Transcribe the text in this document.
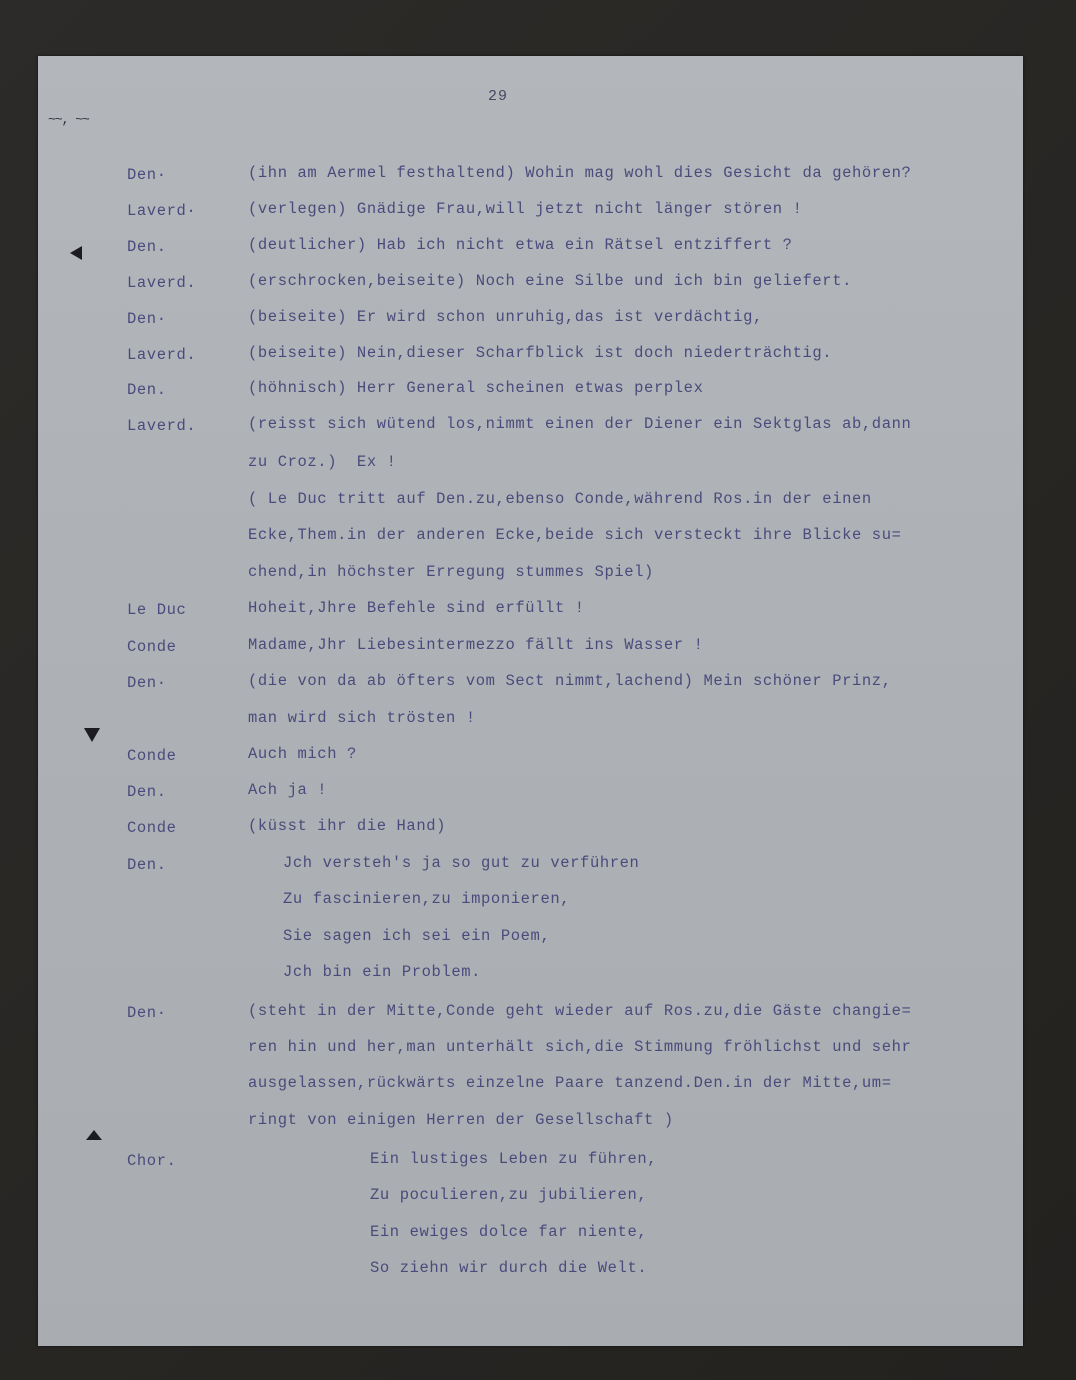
29
~~, ~~
Den·
Laverd·
Den.
Laverd.
Den·
Laverd.
Den.
Laverd.
Le Duc
Conde
Den·
Conde
Den.
Conde
Den.
Den·
Chor.
(ihn am Aermel festhaltend) Wohin mag wohl dies Gesicht da gehören?
(verlegen) Gnädige Frau,will jetzt nicht länger stören !
(deutlicher) Hab ich nicht etwa ein Rätsel entziffert ?
(erschrocken,beiseite) Noch eine Silbe und ich bin geliefert.
(beiseite) Er wird schon unruhig,das ist verdächtig,
(beiseite) Nein,dieser Scharfblick ist doch niederträchtig.
(höhnisch) Herr General scheinen etwas perplex
(reisst sich wütend los,nimmt einen der Diener ein Sektglas ab,dann
zu Croz.)  Ex !
( Le Duc tritt auf Den.zu,ebenso Conde,während Ros.in der einen
Ecke,Them.in der anderen Ecke,beide sich versteckt ihre Blicke su=
chend,in höchster Erregung stummes Spiel)
Hoheit,Jhre Befehle sind erfüllt !
Madame,Jhr Liebesintermezzo fällt ins Wasser !
(die von da ab öfters vom Sect nimmt,lachend) Mein schöner Prinz,
man wird sich trösten !
Auch mich ?
Ach ja !
(küsst ihr die Hand)
Jch versteh's ja so gut zu verführen
Zu fascinieren,zu imponieren,
Sie sagen ich sei ein Poem,
Jch bin ein Problem.
(steht in der Mitte,Conde geht wieder auf Ros.zu,die Gäste changie=
ren hin und her,man unterhält sich,die Stimmung fröhlichst und sehr
ausgelassen,rückwärts einzelne Paare tanzend.Den.in der Mitte,um=
ringt von einigen Herren der Gesellschaft )
Ein lustiges Leben zu führen,
Zu poculieren,zu jubilieren,
Ein ewiges dolce far niente,
So ziehn wir durch die Welt.
